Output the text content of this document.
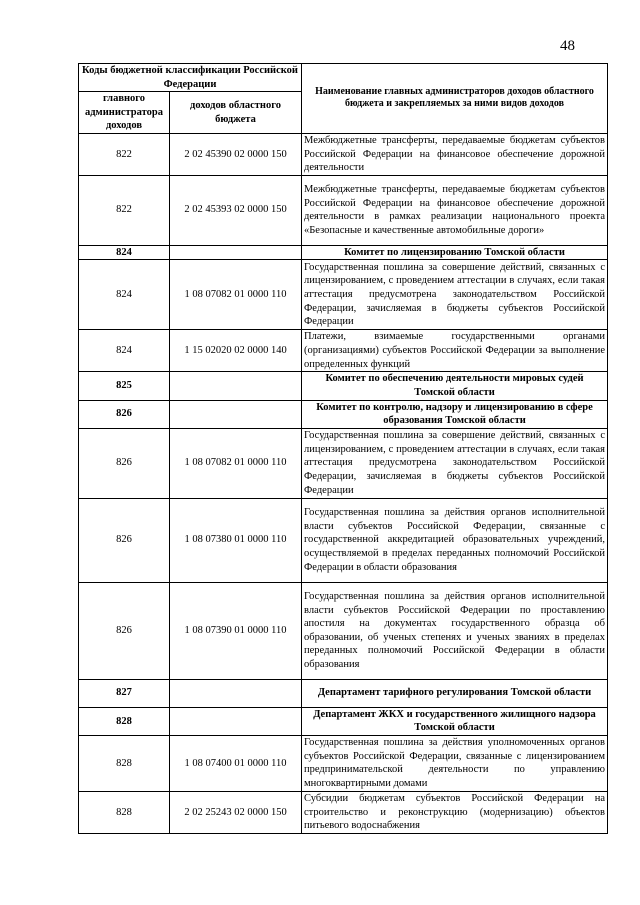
48
Коды бюджетной классификации Российской Федерации		Наименование главных администраторов доходов областного бюджета и закрепляемых за ними видов доходов
главного администратора доходов	доходов областного бюджета	
822	2 02 45390 02 0000 150	Межбюджетные трансферты, передаваемые бюджетам субъектов Российской Федерации на финансовое обеспечение дорожной деятельности
822	2 02 45393 02 0000 150	Межбюджетные трансферты, передаваемые бюджетам субъектов Российской Федерации на финансовое обеспечение дорожной деятельности в рамках реализации национального проекта «Безопасные и качественные автомобильные дороги»
824		Комитет по лицензированию Томской области
824	1 08 07082 01 0000 110	Государственная пошлина за совершение действий, связанных с лицензированием, с проведением аттестации в случаях, если такая аттестация предусмотрена законодательством Российской Федерации, зачисляемая в бюджеты субъектов Российской Федерации
824	1 15 02020 02 0000 140	Платежи, взимаемые государственными органами (организациями) субъектов Российской Федерации за выполнение определенных функций
825		Комитет по обеспечению деятельности мировых судей Томской области
826		Комитет по контролю, надзору и лицензированию в сфере образования Томской области
826	1 08 07082 01 0000 110	Государственная пошлина за совершение действий, связанных с лицензированием, с проведением аттестации в случаях, если такая аттестация предусмотрена законодательством Российской Федерации, зачисляемая в бюджеты субъектов Российской Федерации
826	1 08 07380 01 0000 110	Государственная пошлина за действия органов исполнительной власти субъектов Российской Федерации, связанные с государственной аккредитацией образовательных учреждений, осуществляемой в пределах переданных полномочий Российской Федерации в области образования
826	1 08 07390 01 0000 110	Государственная пошлина за действия органов исполнительной власти субъектов Российской Федерации по проставлению апостиля на документах государственного образца об образовании, об ученых степенях и ученых званиях в пределах переданных полномочий Российской Федерации в области образования
827		Департамент тарифного регулирования Томской области
828		Департамент ЖКХ и государственного жилищного надзора Томской области
828	1 08 07400 01 0000 110	Государственная пошлина за действия уполномоченных органов субъектов Российской Федерации, связанные с лицензированием предпринимательской деятельности по управлению многоквартирными домами
828	2 02 25243 02 0000 150	Субсидии бюджетам субъектов Российской Федерации на строительство и реконструкцию (модернизацию) объектов питьевого водоснабжения
